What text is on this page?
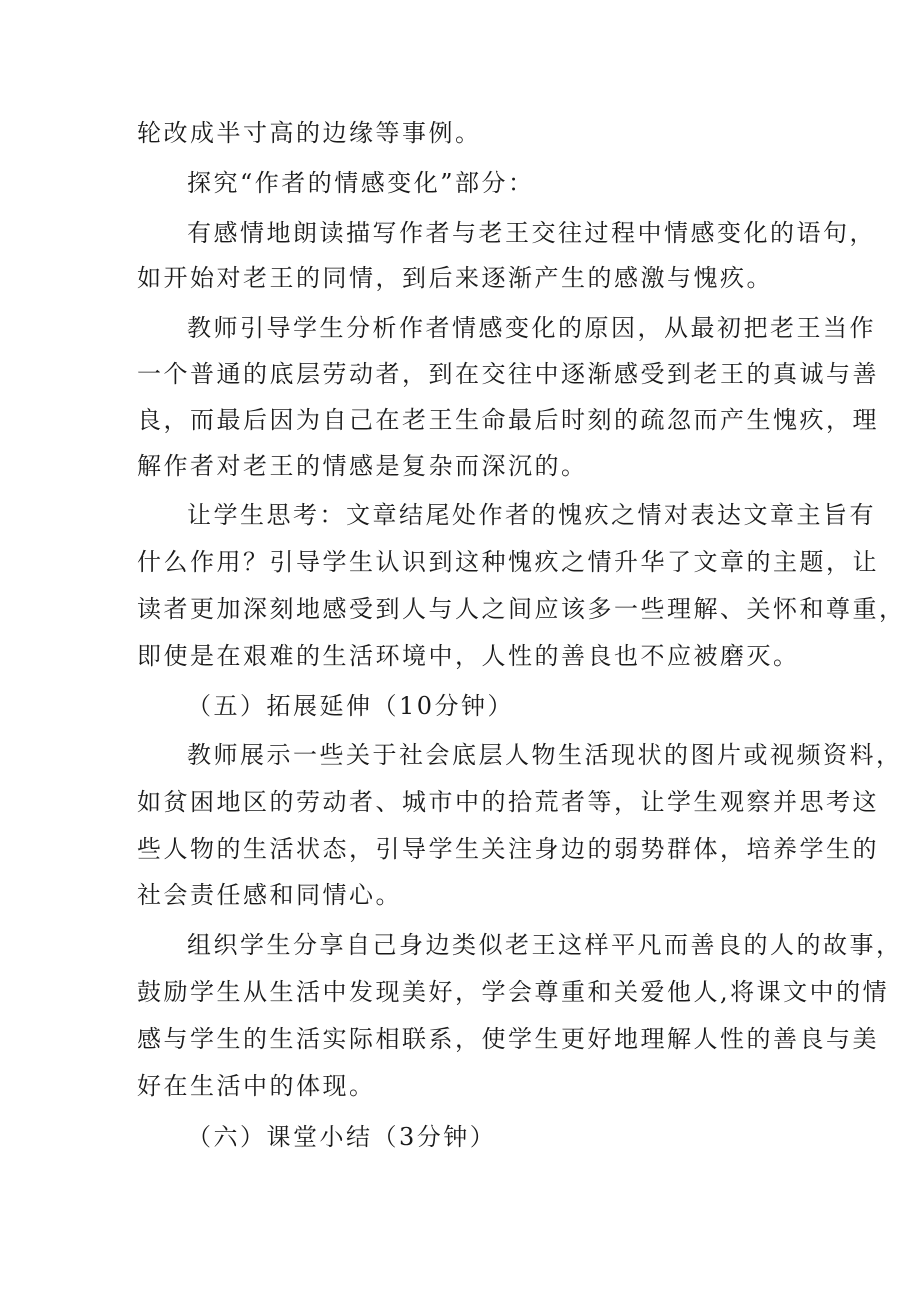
轮改成半寸高的边缘等事例。
探究“作者的情感变化”部分：
有感情地朗读描写作者与老王交往过程中情感变化的语句，
如开始对老王的同情，到后来逐渐产生的感激与愧疚。
教师引导学生分析作者情感变化的原因，从最初把老王当作
一个普通的底层劳动者，到在交往中逐渐感受到老王的真诚与善
良，而最后因为自己在老王生命最后时刻的疏忽而产生愧疚，理
解作者对老王的情感是复杂而深沉的。
让学生思考：文章结尾处作者的愧疚之情对表达文章主旨有
什么作用？引导学生认识到这种愧疚之情升华了文章的主题，让
读者更加深刻地感受到人与人之间应该多一些理解、关怀和尊重，
即使是在艰难的生活环境中，人性的善良也不应被磨灭。
（五）拓展延伸（10分钟）
教师展示一些关于社会底层人物生活现状的图片或视频资料，
如贫困地区的劳动者、城市中的拾荒者等，让学生观察并思考这
些人物的生活状态，引导学生关注身边的弱势群体，培养学生的
社会责任感和同情心。
组织学生分享自己身边类似老王这样平凡而善良的人的故事，
鼓励学生从生活中发现美好，学会尊重和关爱他人,将课文中的情
感与学生的生活实际相联系，使学生更好地理解人性的善良与美
好在生活中的体现。
（六）课堂小结（3分钟）
